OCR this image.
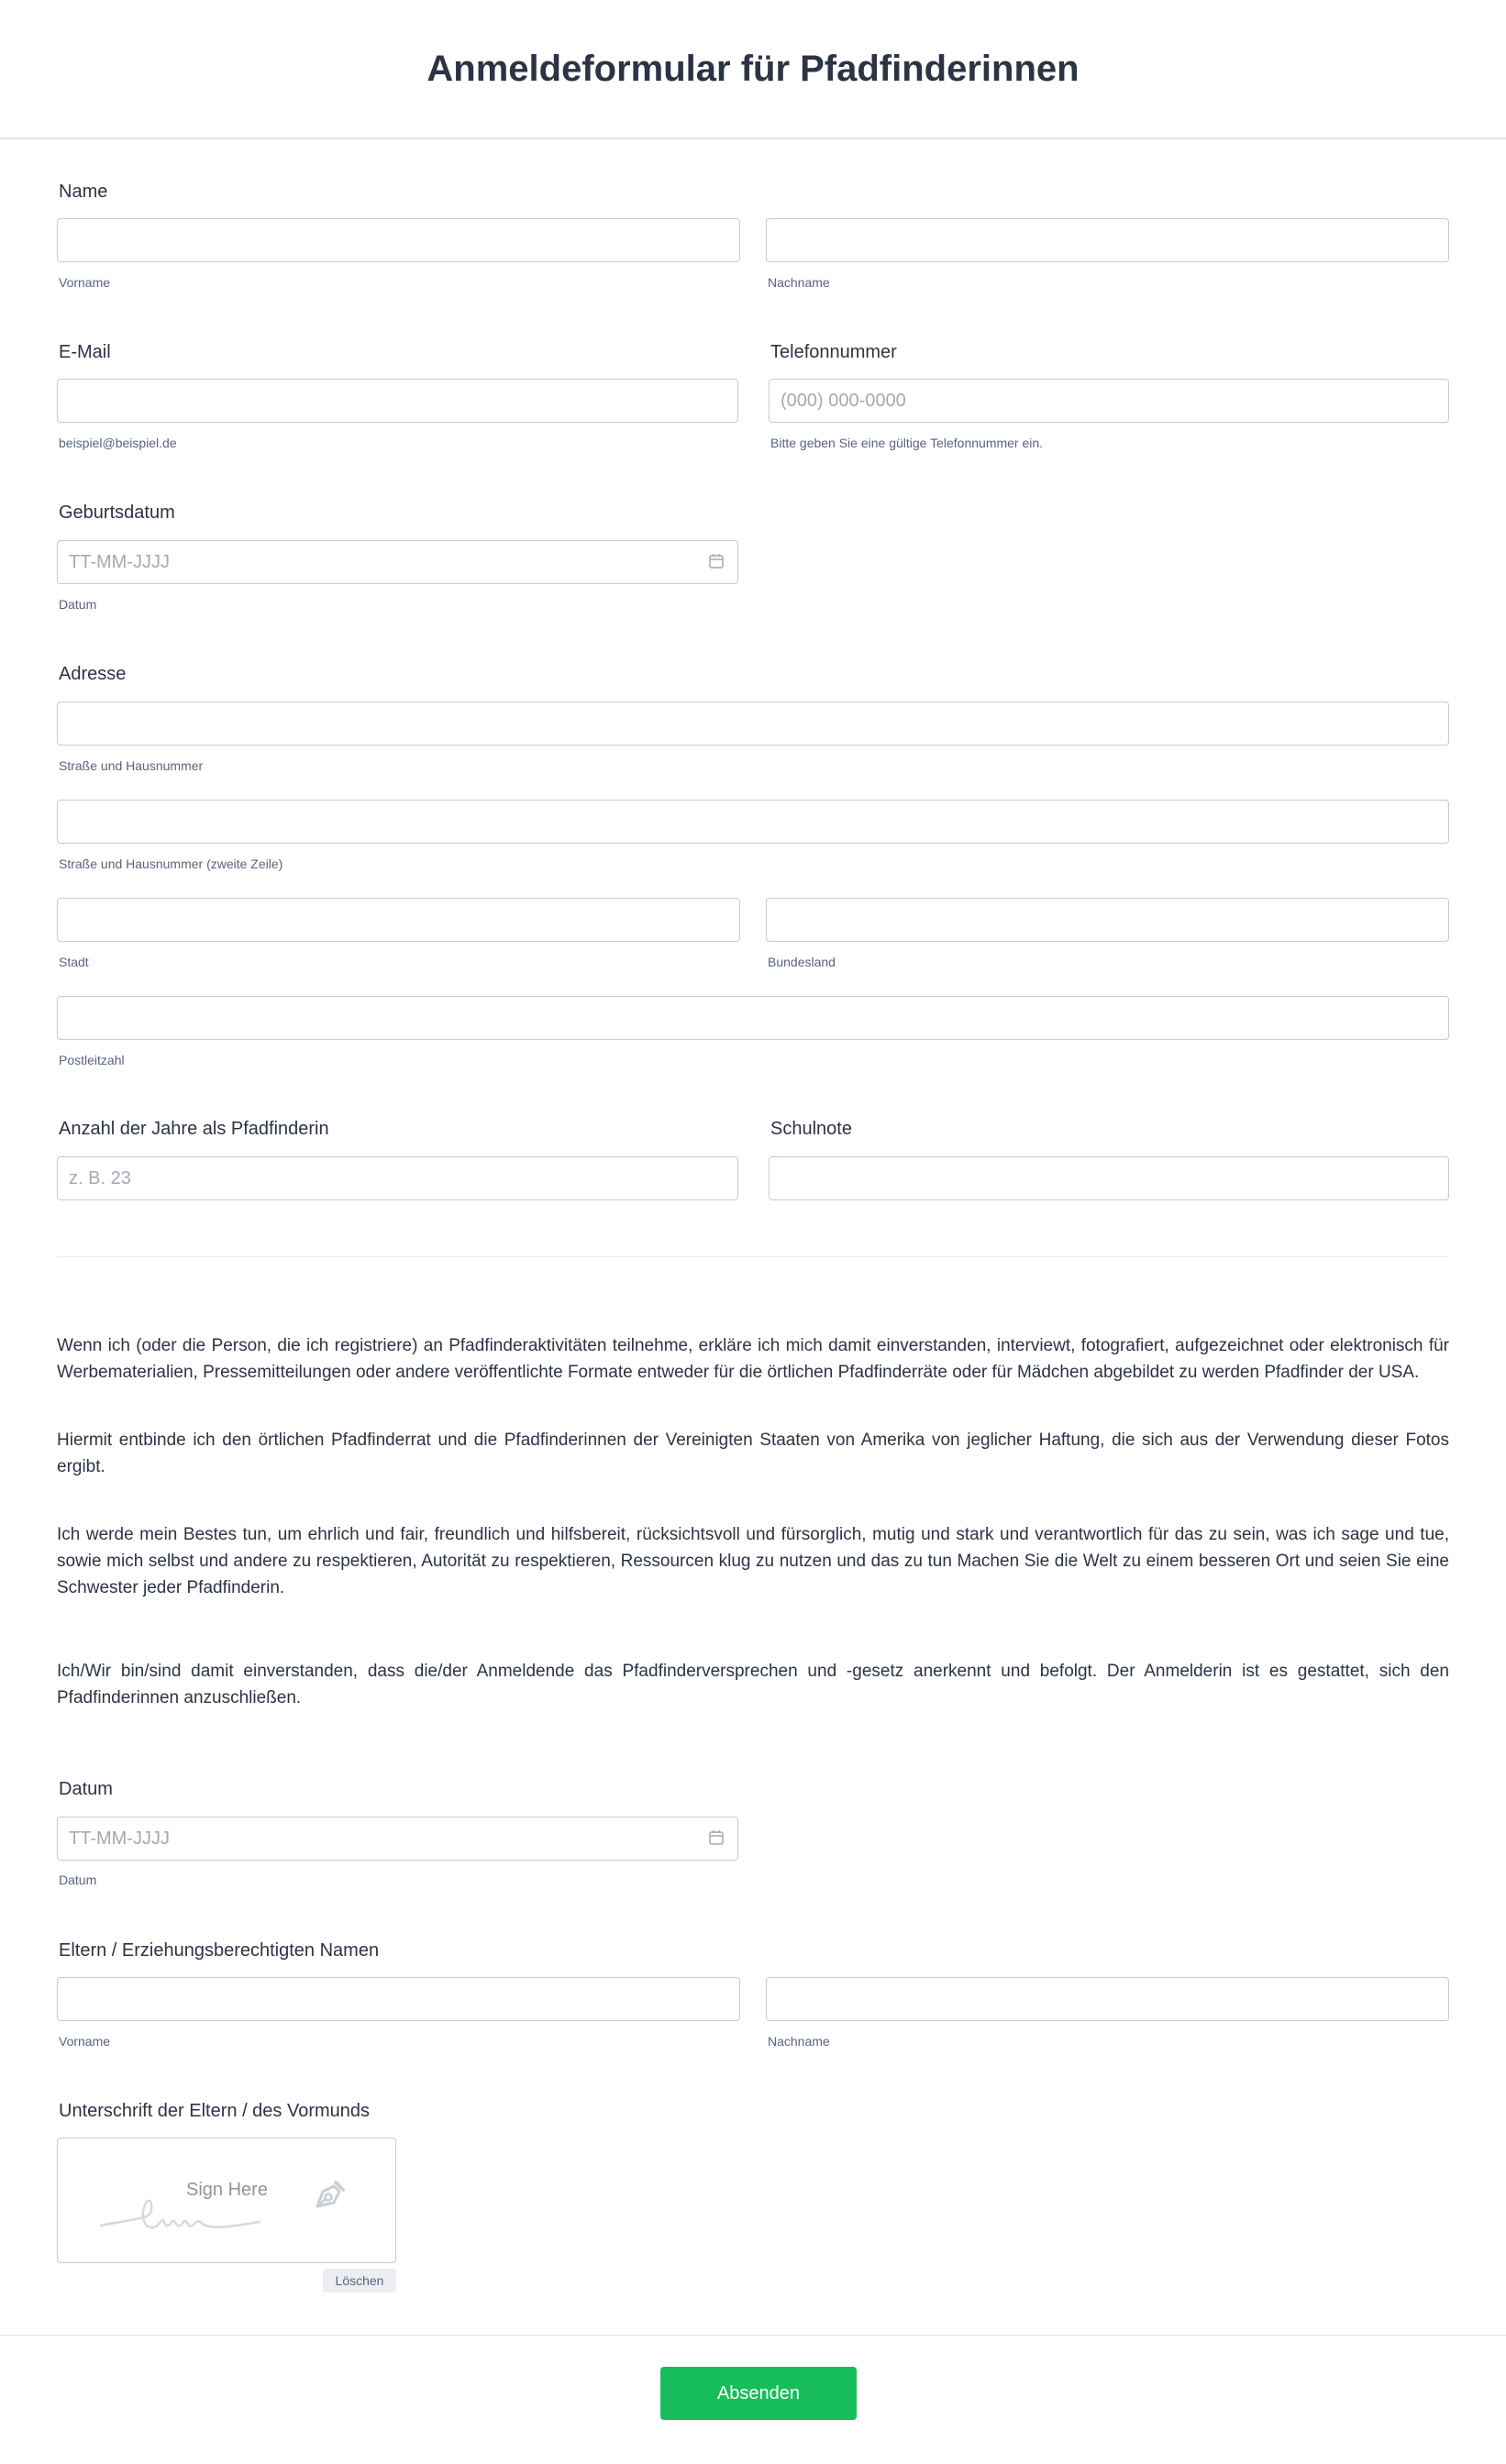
Anmeldeformular für Pfadfinderinnen
Name
Vorname	Nachname
E-Mail
beispiel@beispiel.de
Telefonnummer
(000) 000-0000
Bitte geben Sie eine gültige Telefonnummer ein.
Geburtsdatum
TT-MM-JJJJ
Datum
Adresse
Straße und Hausnummer
Straße und Hausnummer (zweite Zeile)
Stadt	Bundesland
Postleitzahl
Anzahl der Jahre als Pfadfinderin
z. B. 23
Schulnote

Wenn ich (oder die Person, die ich registriere) an Pfadfinderaktivitäten teilnehme, erkläre ich mich damit einverstanden, interviewt, fotografiert, aufgezeichnet oder elektronisch für Werbematerialien, Pressemitteilungen oder andere veröffentlichte Formate entweder für die örtlichen Pfadfinderräte oder für Mädchen abgebildet zu werden Pfadfinder der USA.

Hiermit entbinde ich den örtlichen Pfadfinderrat und die Pfadfinderinnen der Vereinigten Staaten von Amerika von jeglicher Haftung, die sich aus der Verwendung dieser Fotos ergibt.

Ich werde mein Bestes tun, um ehrlich und fair, freundlich und hilfsbereit, rücksichtsvoll und fürsorglich, mutig und stark und verantwortlich für das zu sein, was ich sage und tue, sowie mich selbst und andere zu respektieren, Autorität zu respektieren, Ressourcen klug zu nutzen und das zu tun Machen Sie die Welt zu einem besseren Ort und seien Sie eine Schwester jeder Pfadfinderin.

Ich/Wir bin/sind damit einverstanden, dass die/der Anmeldende das Pfadfinderversprechen und -gesetz anerkennt und befolgt. Der Anmelderin ist es gestattet, sich den Pfadfinderinnen anzuschließen.

Datum
TT-MM-JJJJ
Datum
Eltern / Erziehungsberechtigten Namen
Vorname	Nachname
Unterschrift der Eltern / des Vormunds
Sign Here
Löschen
Absenden
